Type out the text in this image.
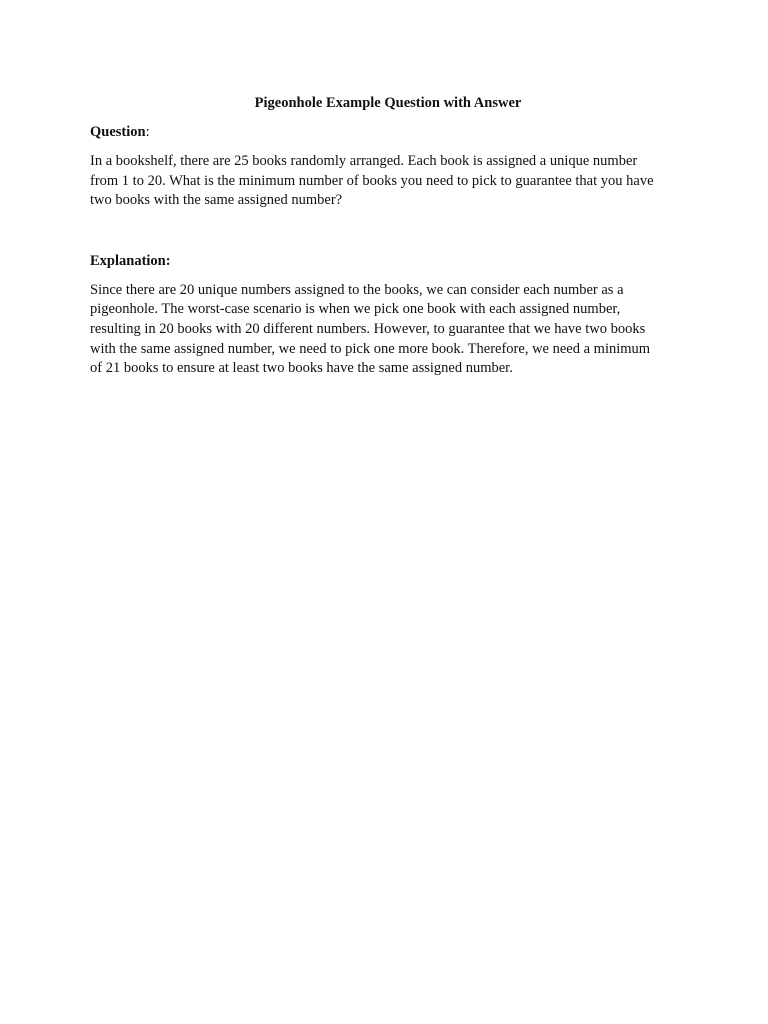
Pigeonhole Example Question with Answer
Question:

In a bookshelf, there are 25 books randomly arranged. Each book is assigned a unique number
from 1 to 20. What is the minimum number of books you need to pick to guarantee that you have
two books with the same assigned number?

Explanation:

Since there are 20 unique numbers assigned to the books, we can consider each number as a
pigeonhole. The worst-case scenario is when we pick one book with each assigned number,
resulting in 20 books with 20 different numbers. However, to guarantee that we have two books
with the same assigned number, we need to pick one more book. Therefore, we need a minimum
of 21 books to ensure at least two books have the same assigned number.
